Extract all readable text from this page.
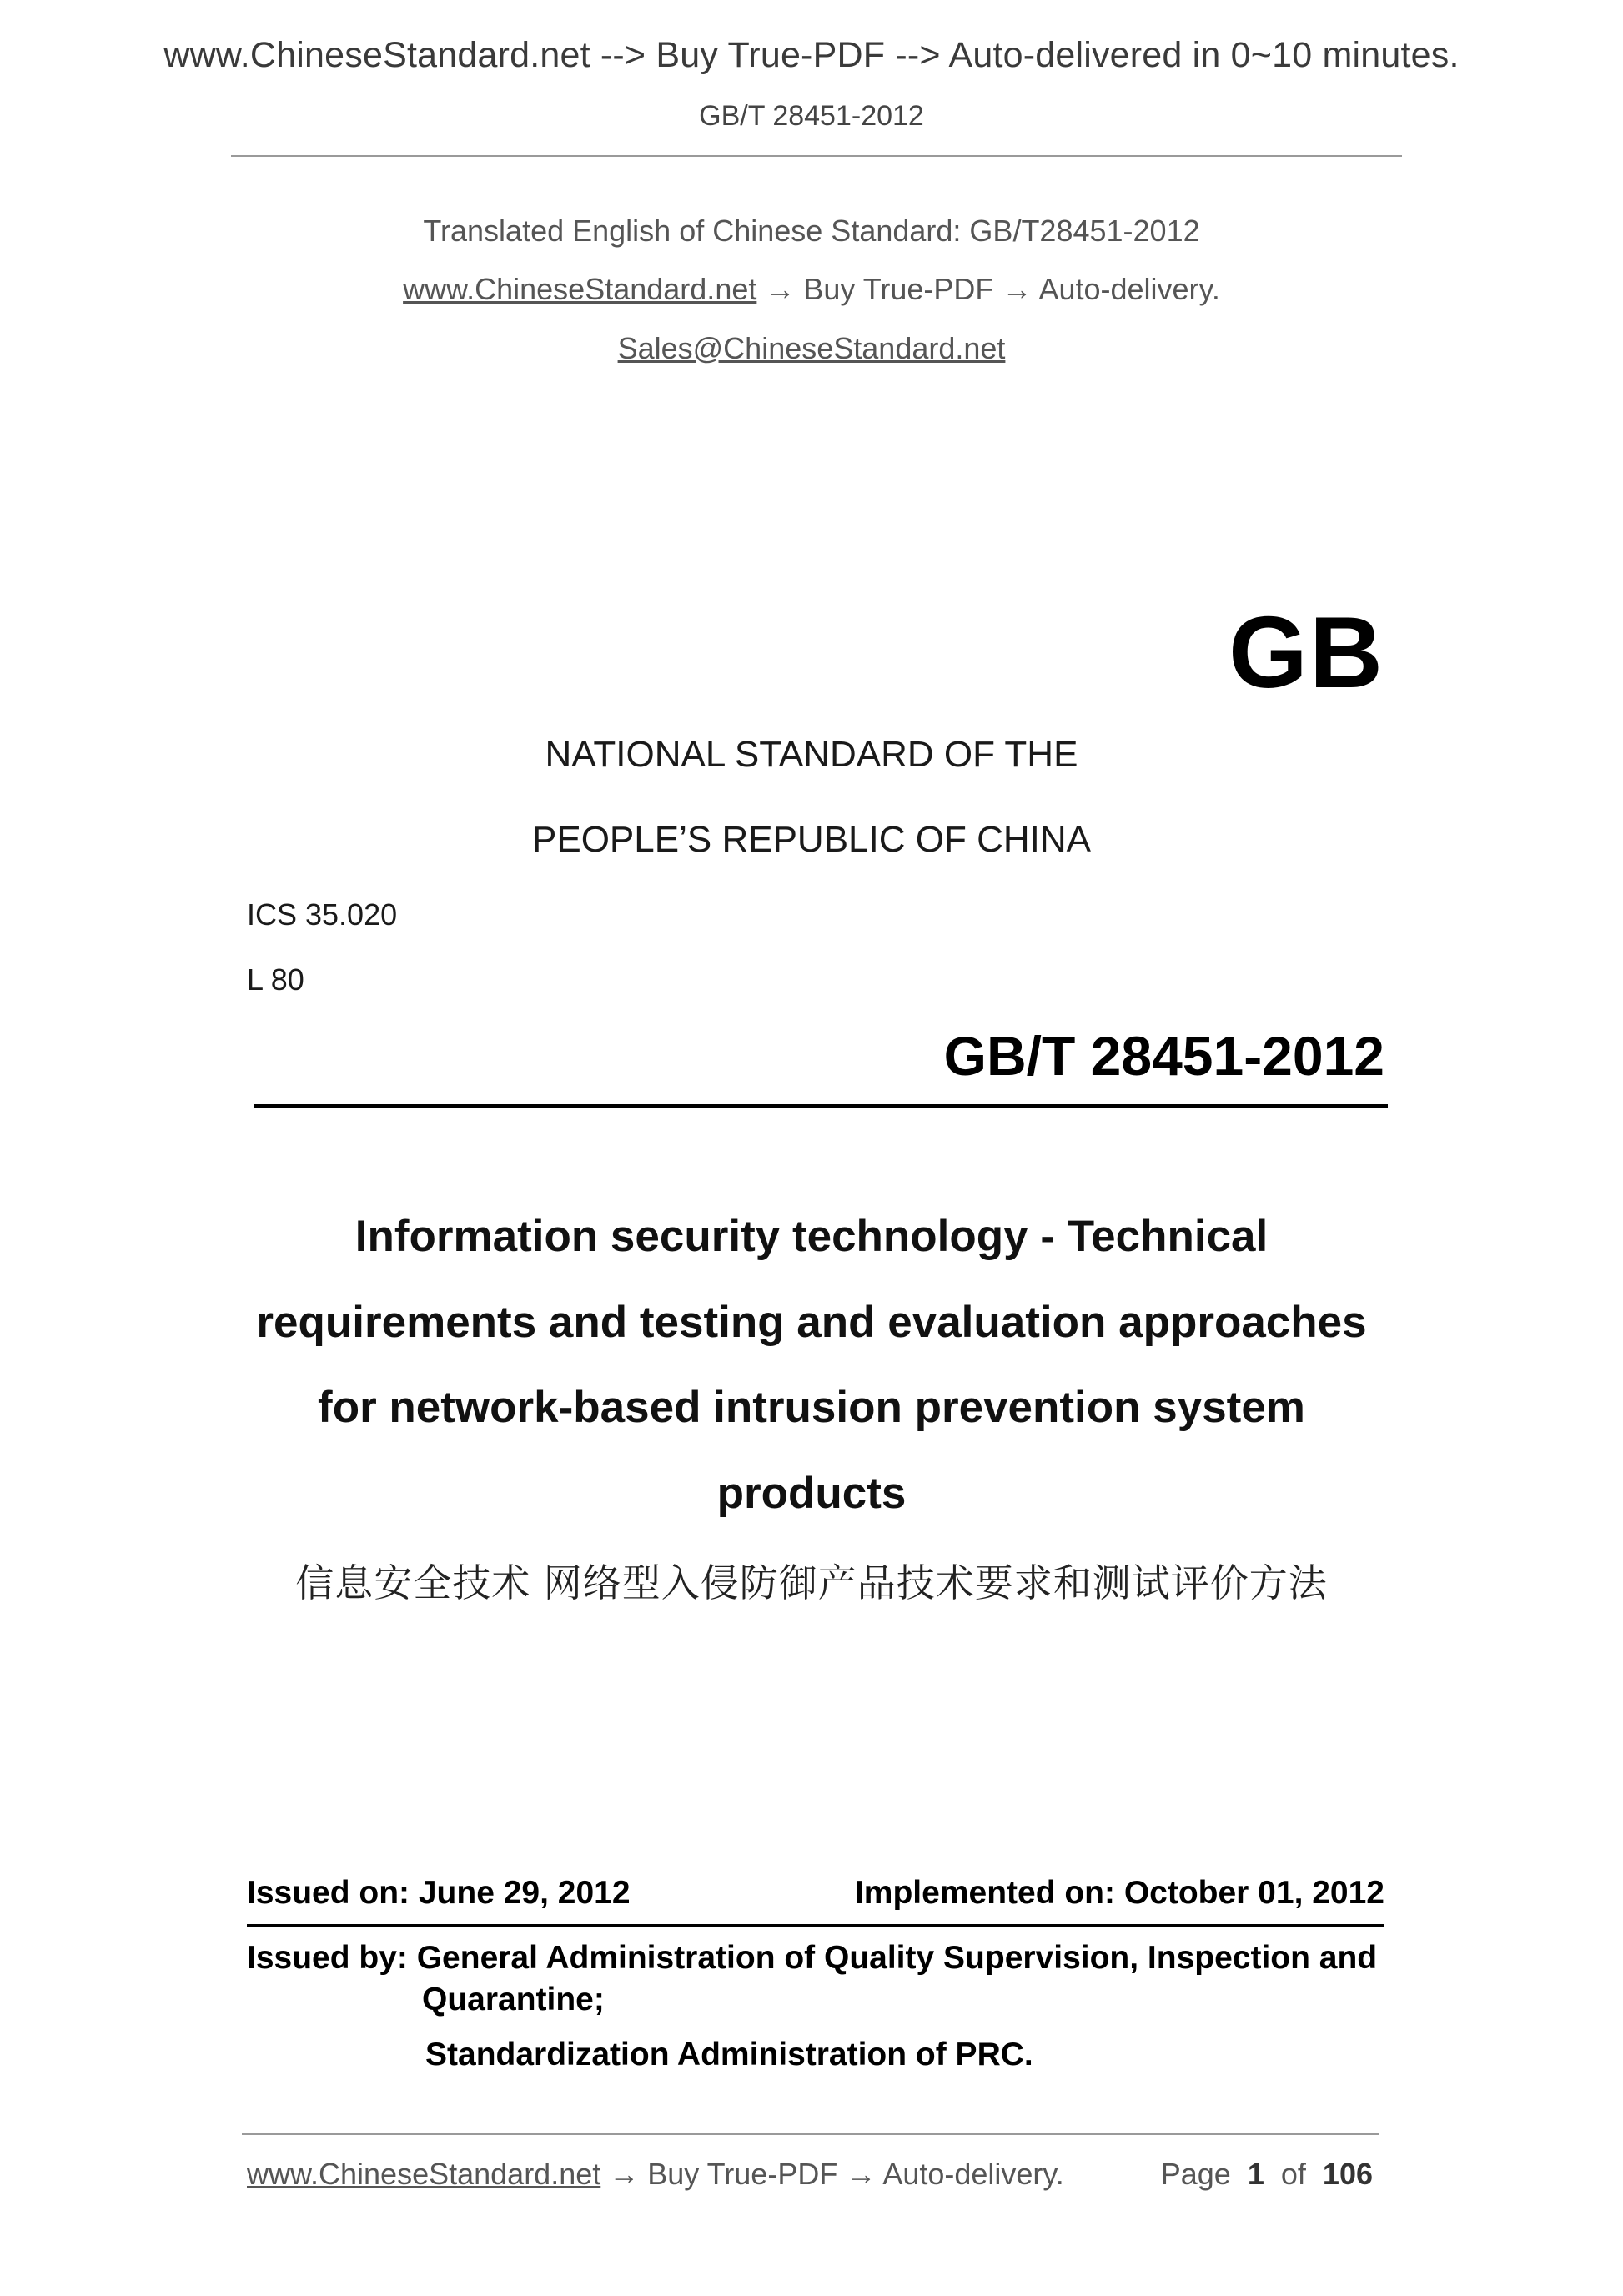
www.ChineseStandard.net --> Buy True-PDF --> Auto-delivered in 0~10 minutes.
GB/T 28451-2012
Translated English of Chinese Standard: GB/T28451-2012
www.ChineseStandard.net → Buy True-PDF → Auto-delivery.
Sales@ChineseStandard.net
GB
NATIONAL STANDARD OF THE
PEOPLE’S REPUBLIC OF CHINA
ICS 35.020
L 80
GB/T 28451-2012
Information security technology - Technical
requirements and testing and evaluation approaches
for network-based intrusion prevention system
products
信息安全技术 网络型入侵防御产品技术要求和测试评价方法
Issued on: June 29, 2012	Implemented on: October 01, 2012
Issued by: General Administration of Quality Supervision, Inspection and
Quarantine;
Standardization Administration of PRC.
www.ChineseStandard.net → Buy True-PDF → Auto-delivery.	Page 1 of 106
